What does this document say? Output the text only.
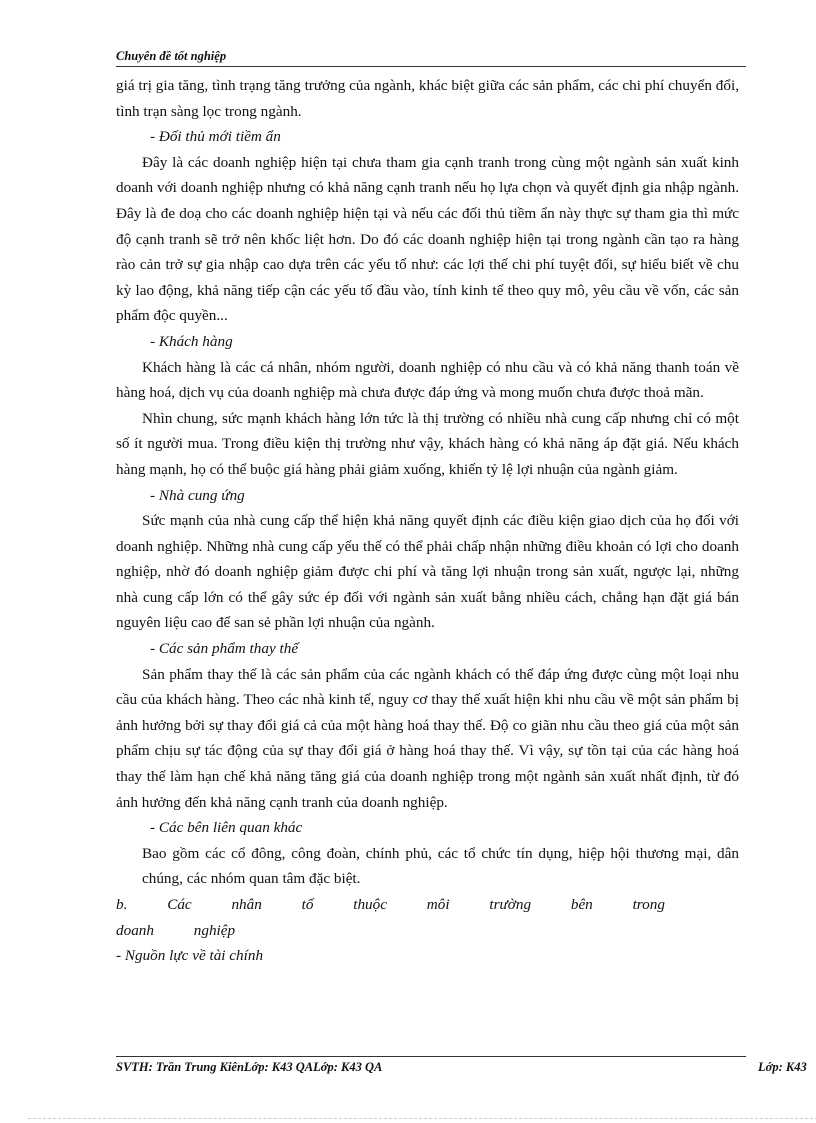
Chuyên đề tốt nghiệp

giá trị gia tăng, tình trạng tăng trưởng của ngành, khác biệt giữa các sản phẩm, các chi phí chuyển đổi, tình trạn sàng lọc trong ngành.

- Đối thủ mới tiềm ẩn

Đây là các doanh nghiệp hiện tại chưa tham gia cạnh tranh trong cùng một ngành sản xuất kinh doanh với doanh nghiệp nhưng có khả năng cạnh tranh nếu họ lựa chọn và quyết định gia nhập ngành. Đây là đe doạ cho các doanh nghiệp hiện tại và nếu các đối thủ tiềm ẩn này thực sự tham gia thì mức độ cạnh tranh sẽ trở nên khốc liệt hơn. Do đó các doanh nghiệp hiện tại trong ngành cần tạo ra hàng rào cản trở sự gia nhập cao dựa trên các yếu tố như: các lợi thế chi phí tuyệt đối, sự hiểu biết về chu kỳ lao động, khả năng tiếp cận các yếu tố đầu vào, tính kinh tế theo quy mô, yêu cầu về vốn, các sản phẩm độc quyền...

- Khách hàng

Khách hàng là các cá nhân, nhóm người, doanh nghiệp có nhu cầu và có khả năng thanh toán về hàng hoá, dịch vụ của doanh nghiệp mà chưa được đáp ứng và mong muốn chưa được thoả mãn.

Nhìn chung, sức mạnh khách hàng lớn tức là thị trường có nhiều nhà cung cấp nhưng chỉ có một số ít người mua. Trong điều kiện thị trường như vậy, khách hàng có khả năng áp đặt giá. Nếu khách hàng mạnh, họ có thể buộc giá hàng phải giảm xuống, khiến tỷ lệ lợi nhuận của ngành giảm.

- Nhà cung ứng

Sức mạnh của nhà cung cấp thể hiện khả năng quyết định các điều kiện giao dịch của họ đối với doanh nghiệp. Những nhà cung cấp yếu thế có thể phải chấp nhận những điều khoản có lợi cho doanh nghiệp, nhờ đó doanh nghiệp giảm được chi phí và tăng lợi nhuận trong sản xuất, ngược lại, những nhà cung cấp lớn có thể gây sức ép đối với ngành sản xuất bằng nhiều cách, chẳng hạn đặt giá bán nguyên liệu cao để san sẻ phần lợi nhuận của ngành.

- Các sản phẩm thay thế

Sản phẩm thay thế là các sản phẩm của các ngành khách có thể đáp ứng được cùng một loại nhu cầu của khách hàng. Theo các nhà kinh tế, nguy cơ thay thế xuất hiện khi nhu cầu về một sản phẩm bị ảnh hưởng bởi sự thay đổi giá cả của một hàng hoá thay thế. Độ co giãn nhu cầu theo giá của một sản phẩm chịu sự tác động của sự thay đổi giá ở hàng hoá thay thế. Vì vậy, sự tồn tại của các hàng hoá thay thế làm hạn chế khả năng tăng giá của doanh nghiệp trong một ngành sản xuất nhất định, từ đó ảnh hưởng đến khả năng cạnh tranh của doanh nghiệp.

- Các bên liên quan khác

Bao gồm các cổ đông, công đoàn, chính phủ, các tổ chức tín dụng, hiệp hội thương mại, dân chúng, các nhóm quan tâm đặc biệt.

b. Các nhân tố thuộc môi trường bên trong doanh nghiệp

- Nguồn lực về tài chính

SVTH: Trần Trung KiênLớp: K43 QALớp: K43 QA	Lớp: K43
